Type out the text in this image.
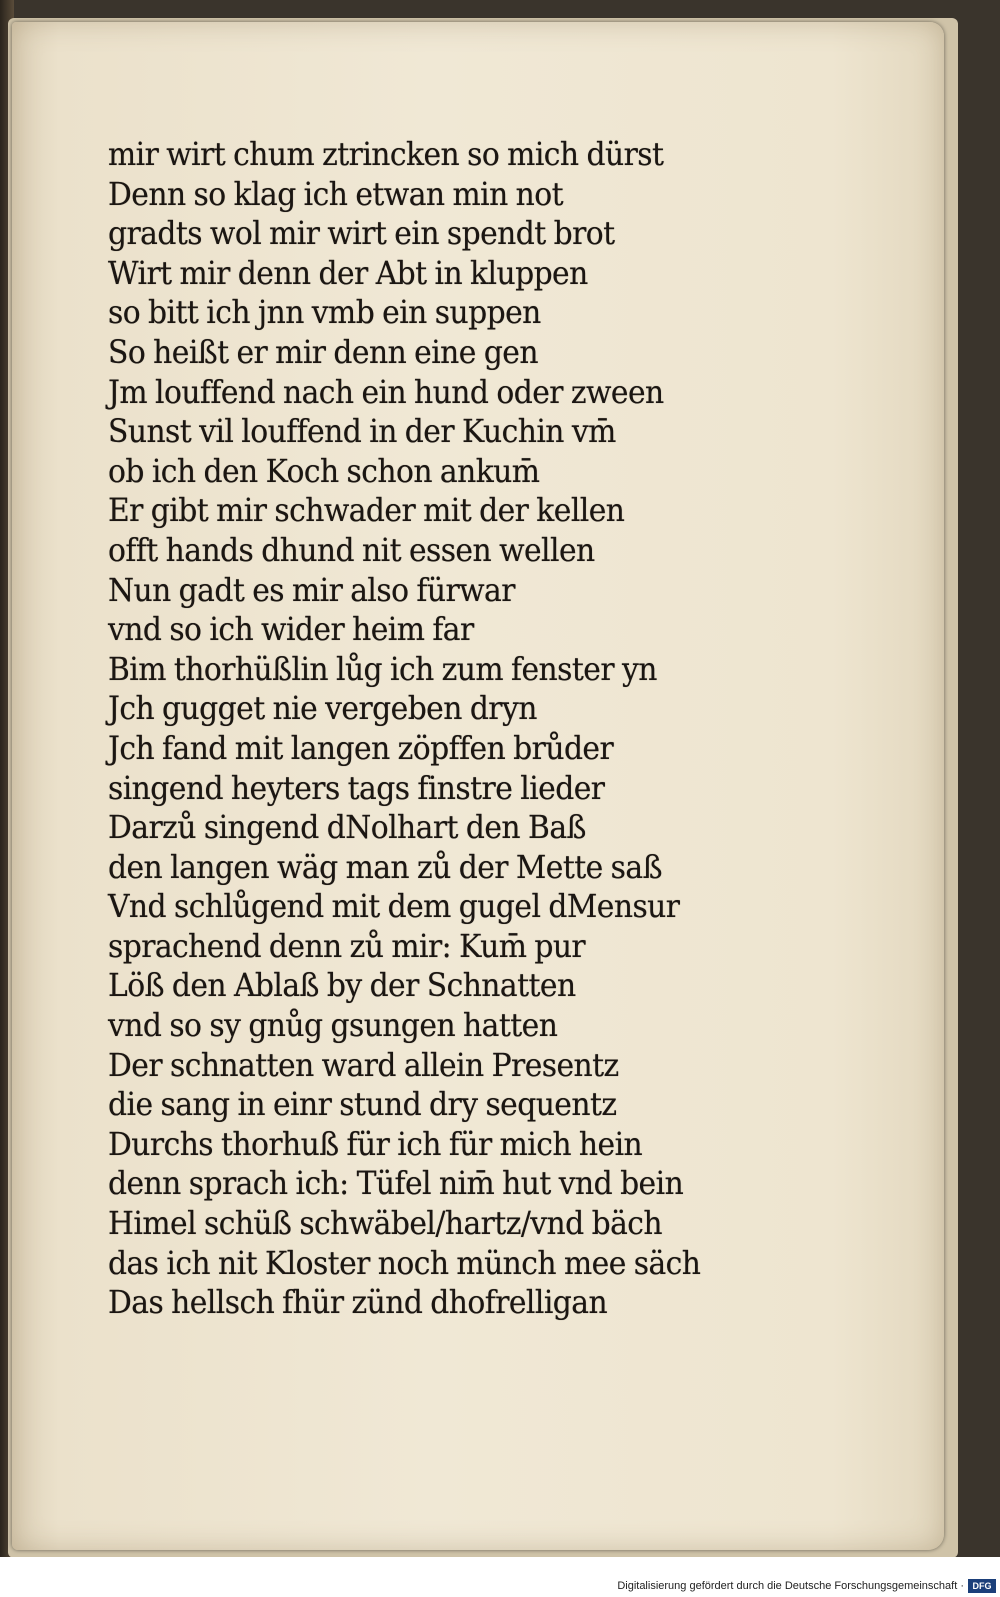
mir wirt chum ztrincken so mich dürst
Denn so klag ich etwan min not
gradts wol mir wirt ein spendt brot
Wirt mir denn der Abt in kluppen
so bitt ich jnn vmb ein suppen
So heißt er mir denn eine gen
Jm louffend nach ein hund oder zween
Sunst vil louffend in der Kuchin vm̄
ob ich den Koch schon ankum̄
Er gibt mir schwader mit der kellen
offt hands dhund nit essen wellen
Nun gadt es mir also fürwar
vnd so ich wider heim far
Bim thorhüßlin lůg ich zum fenster yn
Jch gugget nie vergeben dryn
Jch fand mit langen zöpffen brůder
singend heyters tags finstre lieder
Darzů singend dNolhart den Baß
den langen wäg man zů der Mette saß
Vnd schlůgend mit dem gugel dMensur
sprachend denn zů mir: Kum̄ pur
Löß den Ablaß by der Schnatten
vnd so sy gnůg gsungen hatten
Der schnatten ward allein Presentz
die sang in einr stund dry sequentz
Durchs thorhuß für ich für mich hein
denn sprach ich: Tüfel nim̄ hut vnd bein
Himel schüß schwäbel/hartz/vnd bäch
das ich nit Kloster noch münch mee säch
Das hellsch fhür zünd dhofrelligan
Digitalisierung gefördert durch die Deutsche Forschungsgemeinschaft · DFG
